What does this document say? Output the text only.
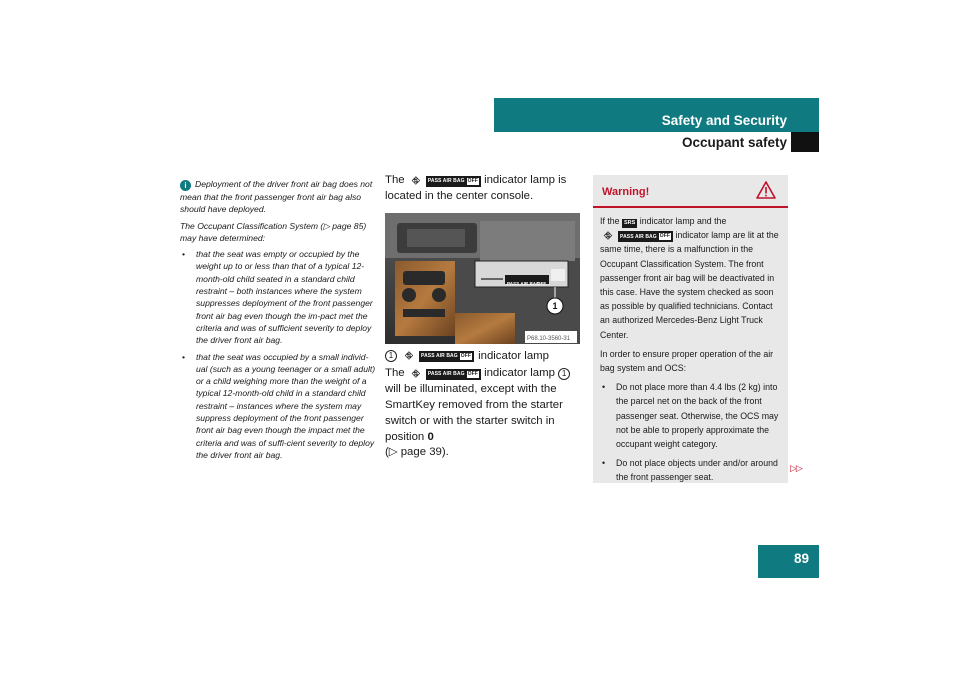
Safety and Security
Occupant safety

i Deployment of the driver front air bag does not mean that the front passenger front air bag also should have deployed.

The Occupant Classification System (▷ page 85) may have determined:

• that the seat was empty or occupied by the weight up to or less than that of a typical 12-month-old child seated in a standard child restraint – both instances where the system suppresses deployment of the front passenger front air bag even though the im-pact met the criteria and was of sufficient severity to deploy the driver front air bag.
• that the seat was occupied by a small individ-ual (such as a young teenager or a small adult) or a child weighing more than the weight of a typical 12-month-old child in a standard child restraint – instances where the system may suppress deployment of the front passenger front air bag even though the impact met the criteria and was of suffi-cient severity to deploy the driver front air bag.
The ⛗	PASS AIR BAG OFF indicator lamp is located in the center console.
PASS AIR BAG
OFF
1
P68.10-3560-31
1	⛗	PASS AIR BAG OFF indicator lamp
The ⛗	PASS AIR BAG OFF indicator lamp 1 will be illuminated, except with the SmartKey removed from the starter switch or with the starter switch in position 0
(▷ page 39).
Warning!

If the SRS indicator lamp and the
⛗	PASS AIR BAG OFF indicator lamp are lit at the same time, there is a malfunction in the Occupant Classification System. The front passenger front air bag will be deactivated in this case. Have the system checked as soon as possible by qualified technicians. Contact an authorized Mercedes-Benz Light Truck Center.

In order to ensure proper operation of the air bag system and OCS:

• Do not place more than 4.4 lbs (2 kg) into the parcel net on the back of the front passenger seat. Otherwise, the OCS may not be able to properly approximate the occupant weight category.
• Do not place objects under and/or around the front passenger seat.
▷▷
89
